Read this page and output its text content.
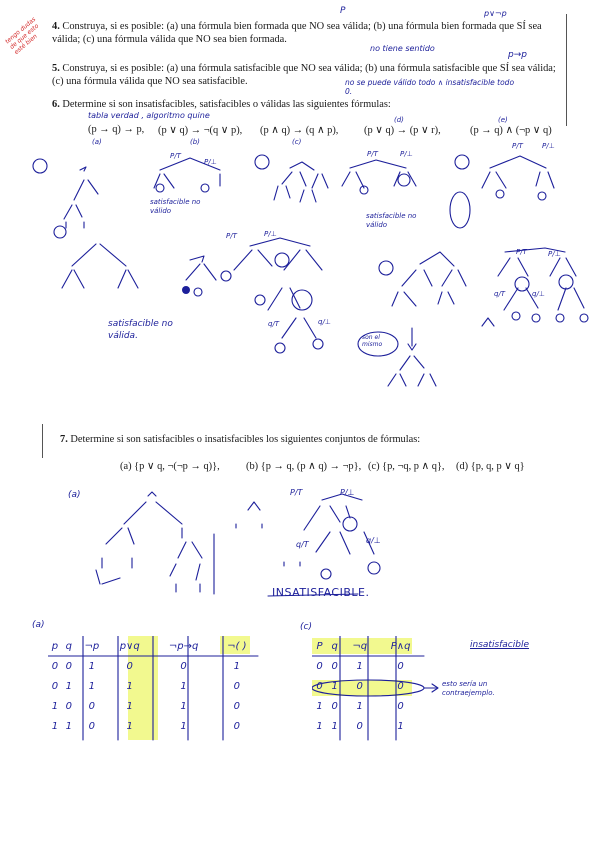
4. Construya, si es posible: (a) una fórmula bien formada que NO sea válida; (b) una fórmula bien formada que SÍ sea válida; (c) una fórmula válida que NO sea bien formada.
tengo dudas de que esto esté bien
P	p∨¬p
no tiene sentido
5. Construya, si es posible: (a) una fórmula satisfacible que NO sea válida; (b) una fórmula satisfacible que SÍ sea válida; (c) una fórmula válida que NO sea satisfacible.
p→p
no se puede válido todo ∧ insatisfacible todo 0.
6. Determine si son insatisfacibles, satisfacibles o válidas las siguientes fórmulas:
tabla verdad , algoritmo quine
(p → q) → p, (p ∨ q) → ¬(q ∨ p), (p ∧ q) → (q ∧ p), (p ∨ q) → (p ∨ r),	(p → q) ∧ (¬p ∨ q)
(a)	(b)	(c)
(d)	(e)
P/T
P/⊥
satisfacible no válido
P/T	P/⊥
satisfacible no válido
P/T	P/⊥
P/T	P/⊥
q/T	q/⊥
satisfacible no válida.	son el mismo
P/T	P/⊥
q/T	q/⊥
7. Determine si son satisfacibles o insatisfacibles los siguientes conjuntos de fórmulas:
(a) {p ∨ q, ¬(¬p → q)},	(b) {p → q, (p ∧ q) → ¬p}, (c) {p, ¬q, p ∧ q}, (d) {p, q, p ∨ q}
(a)	P/T	P/⊥
q/T	q/⊥
INSATISFACIBLE.
(a)
p	q	¬p	p∨q	¬p→q	¬( )
0	0	1	0	0	1
0	1	1	1	1	0
1	0	0	1	1	0
1	1	0	1	1	0
(c)
P	q	¬q	P∧q
0	0	1	0
0	1	0	0
1	0	1	0
1	1	0	1
insatisfacible
esto sería un contraejemplo.
